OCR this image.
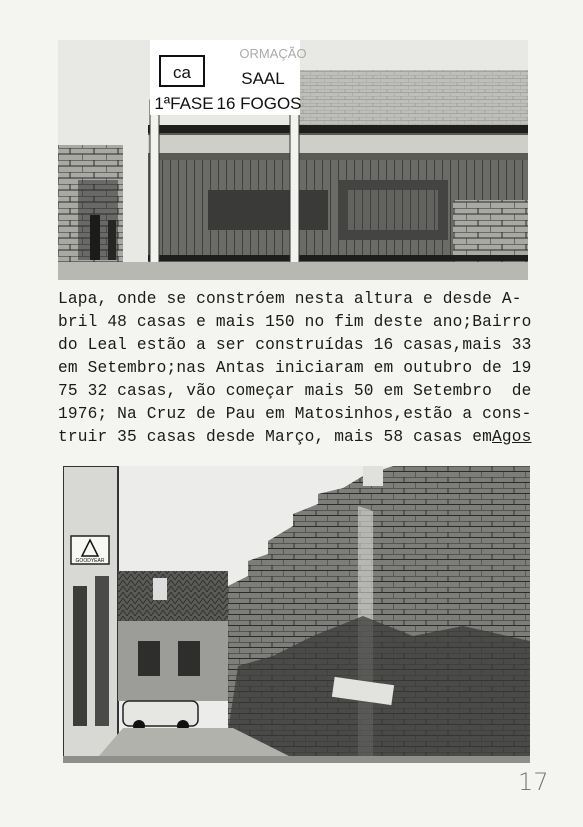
ca	SAAL
1ªFASE 16 FOGOS
ORMAÇÃO
Lapa, onde se constróem nesta altura e desde A-
bril 48 casas e mais 150 no fim deste ano;Bairro
do Leal estão a ser construídas 16 casas,mais 33
em Setembro;nas Antas iniciaram em outubro de 19
75 32 casas, vão começar mais 50 em Setembro  de
1976; Na Cruz de Pau em Matosinhos,estão a cons-
truir 35 casas desde Março, mais 58 casas emAgos
GOODYEAR
17
